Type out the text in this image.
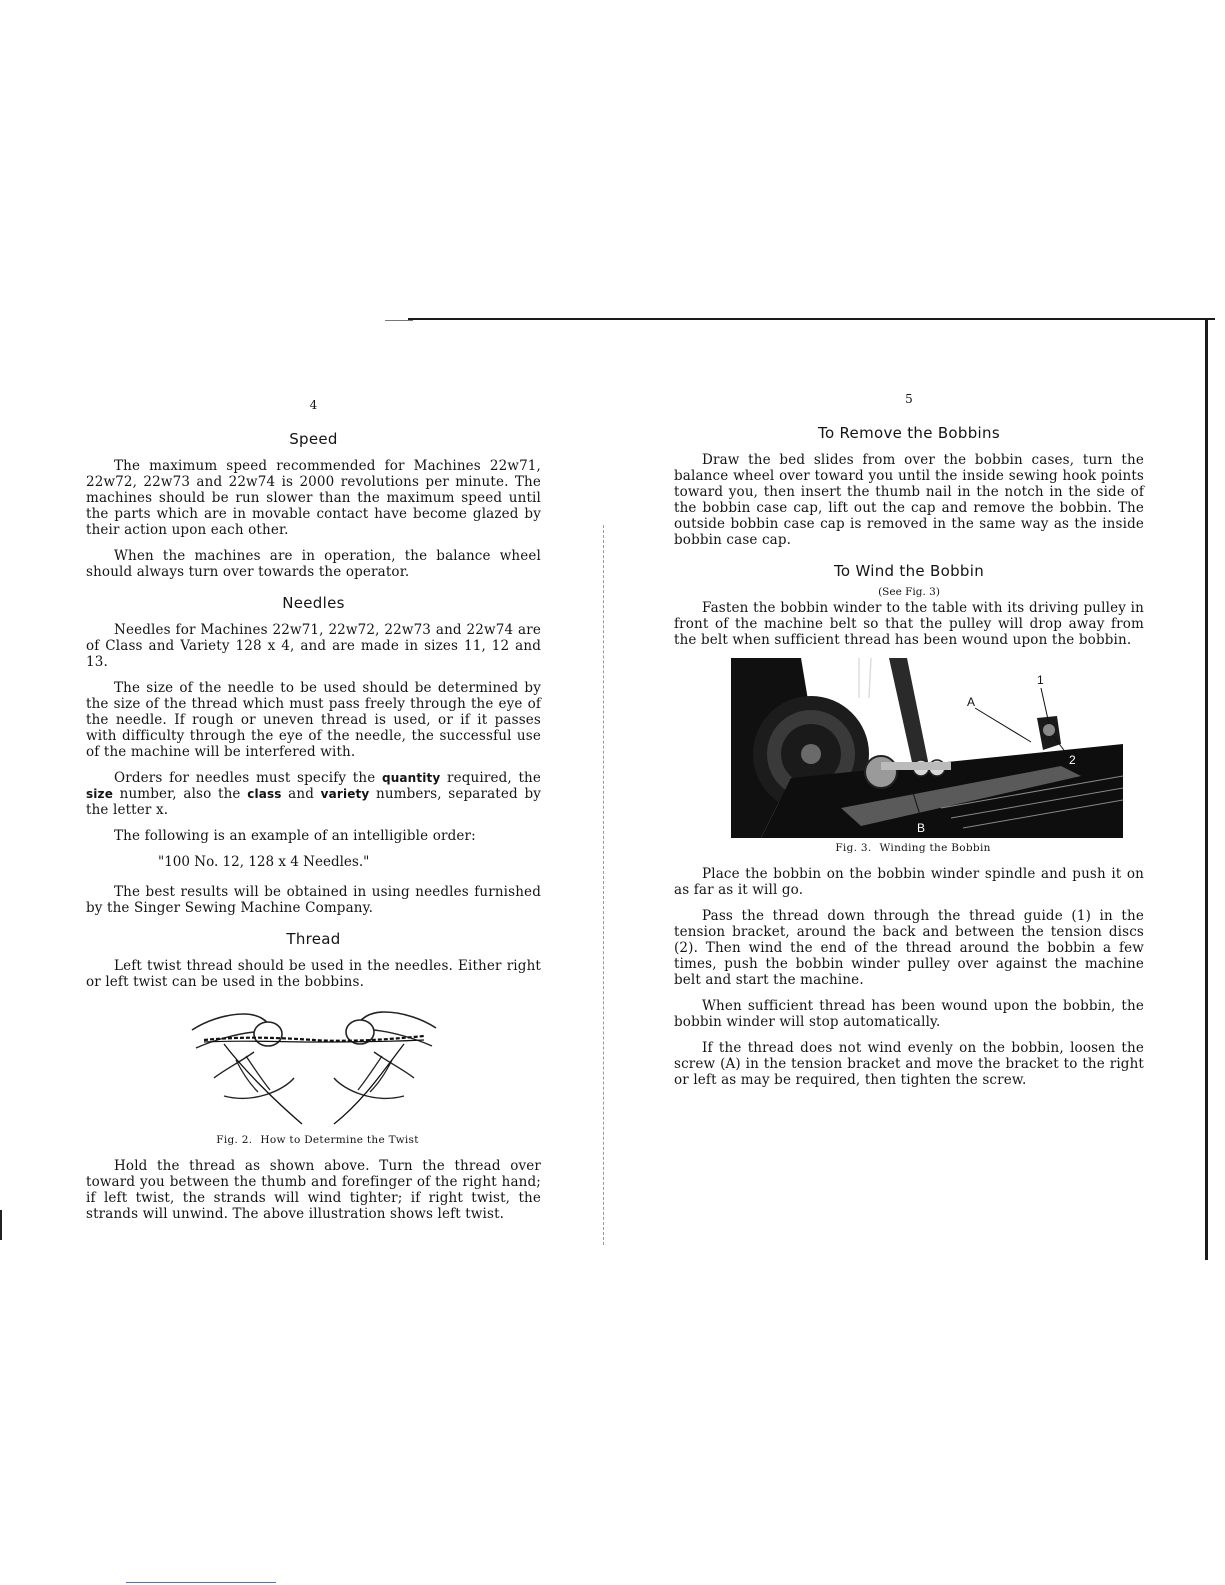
4
Speed

The maximum speed recommended for Machines 22w71, 22w72, 22w73 and 22w74 is 2000 revolutions per minute. The machines should be run slower than the maximum speed until the parts which are in movable contact have become glazed by their action upon each other.

When the machines are in operation, the balance wheel should always turn over towards the operator.

Needles

Needles for Machines 22w71, 22w72, 22w73 and 22w74 are of Class and Variety 128 x 4, and are made in sizes 11, 12 and 13.

The size of the needle to be used should be determined by the size of the thread which must pass freely through the eye of the needle. If rough or uneven thread is used, or if it passes with difficulty through the eye of the needle, the successful use of the machine will be interfered with.

Orders for needles must specify the quantity required, the size number, also the class and variety numbers, separated by the letter x.

The following is an example of an intelligible order:

"100 No. 12, 128 x 4 Needles."

The best results will be obtained in using needles furnished by the Singer Sewing Machine Company.

Thread

Left twist thread should be used in the needles. Either right or left twist can be used in the bobbins.

Fig. 2. How to Determine the Twist

Hold the thread as shown above. Turn the thread over toward you between the thumb and forefinger of the right hand; if left twist, the strands will wind tighter; if right twist, the strands will unwind. The above illustration shows left twist.

5
To Remove the Bobbins

Draw the bed slides from over the bobbin cases, turn the balance wheel over toward you until the inside sewing hook points toward you, then insert the thumb nail in the notch in the side of the bobbin case cap, lift out the cap and remove the bobbin. The outside bobbin case cap is removed in the same way as the inside bobbin case cap.

To Wind the Bobbin
(See Fig. 3)

Fasten the bobbin winder to the table with its driving pulley in front of the machine belt so that the pulley will drop away from the belt when sufficient thread has been wound upon the bobbin.

1
A
2
B
Fig. 3. Winding the Bobbin

Place the bobbin on the bobbin winder spindle and push it on as far as it will go.

Pass the thread down through the thread guide (1) in the tension bracket, around the back and between the tension discs (2). Then wind the end of the thread around the bobbin a few times, push the bobbin winder pulley over against the machine belt and start the machine.

When sufficient thread has been wound upon the bobbin, the bobbin winder will stop automatically.

If the thread does not wind evenly on the bobbin, loosen the screw (A) in the tension bracket and move the bracket to the right or left as may be required, then tighten the screw.
